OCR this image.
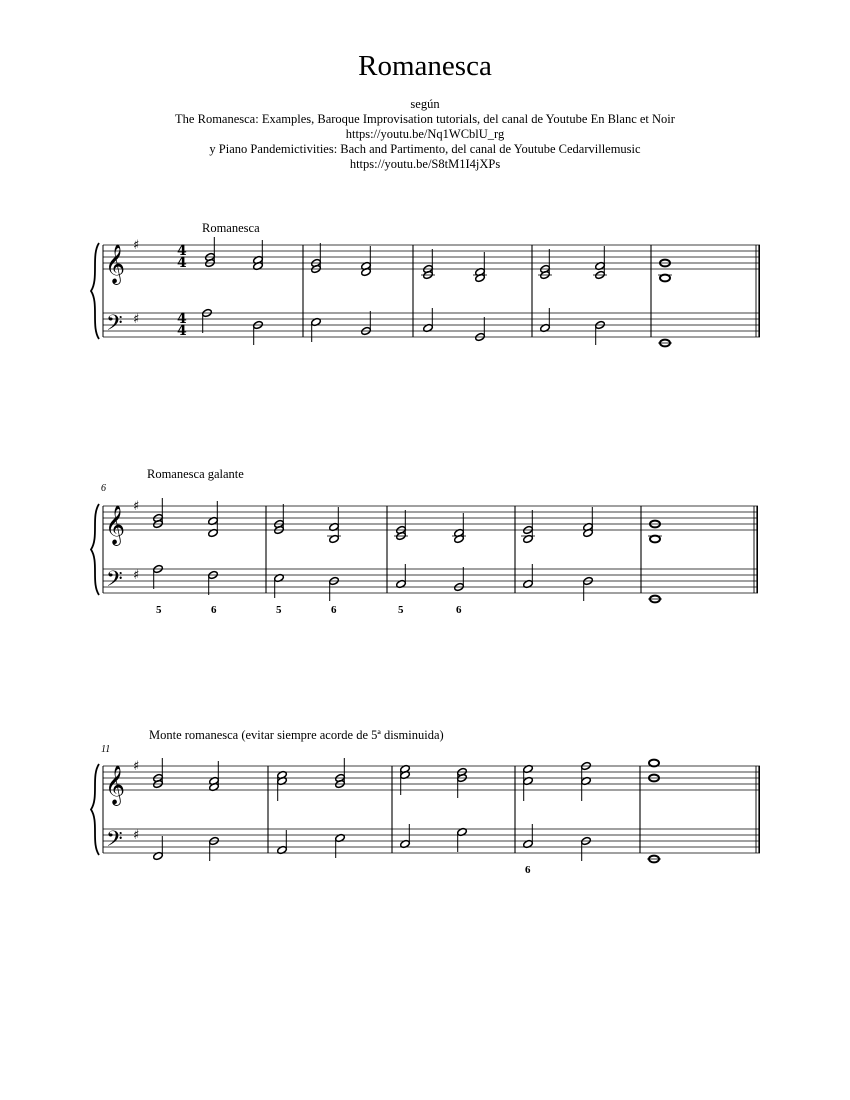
Romanesca
según
The Romanesca: Examples, Baroque Improvisation tutorials, del canal de Youtube En Blanc et Noir
https://youtu.be/Nq1WCblU_rg
y Piano Pandemictivities: Bach and Partimento, del canal de Youtube Cedarvillemusic
https://youtu.be/S8tM1I4jXPs
Romanesca
Romanesca galante
Monte romanesca (evitar siempre acorde de 5ª disminuida)
6
11
𝄞
𝄢
♯
♯
4
4
4
4
𝄞
𝄢
♯
♯
𝄞
𝄢
♯
♯
5	6	5	6	5	6
6
